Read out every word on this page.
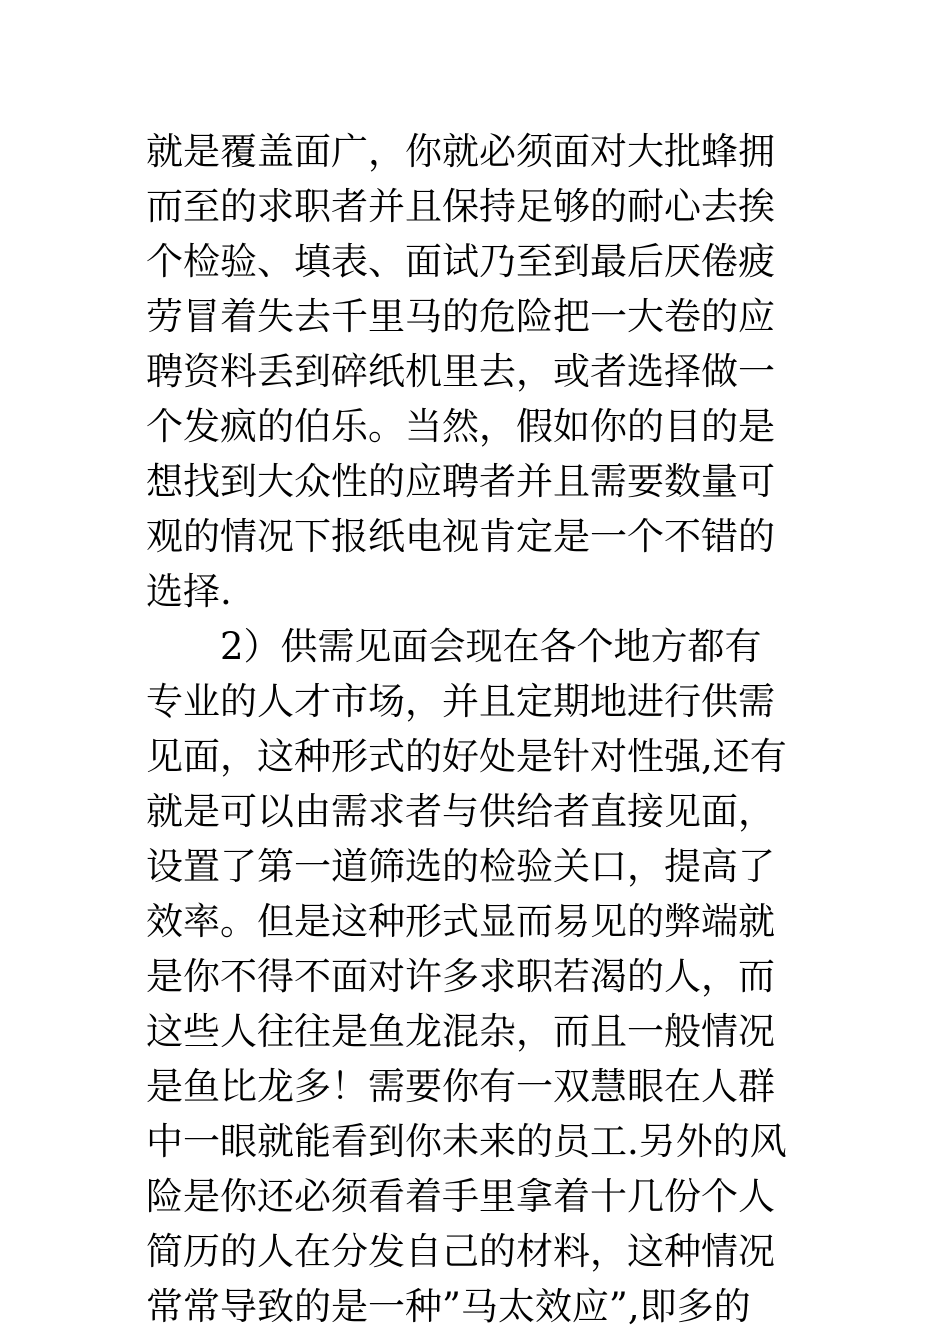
就是覆盖面广，你就必须面对大批蜂拥
而至的求职者并且保持足够的耐心去挨
个检验、填表、面试乃至到最后厌倦疲
劳冒着失去千里马的危险把一大卷的应
聘资料丢到碎纸机里去，或者选择做一
个发疯的伯乐。当然，假如你的目的是
想找到大众性的应聘者并且需要数量可
观的情况下报纸电视肯定是一个不错的
选择.
2）供需见面会现在各个地方都有
专业的人才市场，并且定期地进行供需
见面，这种形式的好处是针对性强,还有
就是可以由需求者与供给者直接见面，
设置了第一道筛选的检验关口，提高了
效率。但是这种形式显而易见的弊端就
是你不得不面对许多求职若渴的人，而
这些人往往是鱼龙混杂，而且一般情况
是鱼比龙多！需要你有一双慧眼在人群
中一眼就能看到你未来的员工.另外的风
险是你还必须看着手里拿着十几份个人
简历的人在分发自己的材料，这种情况
常常导致的是一种”马太效应”,即多的
